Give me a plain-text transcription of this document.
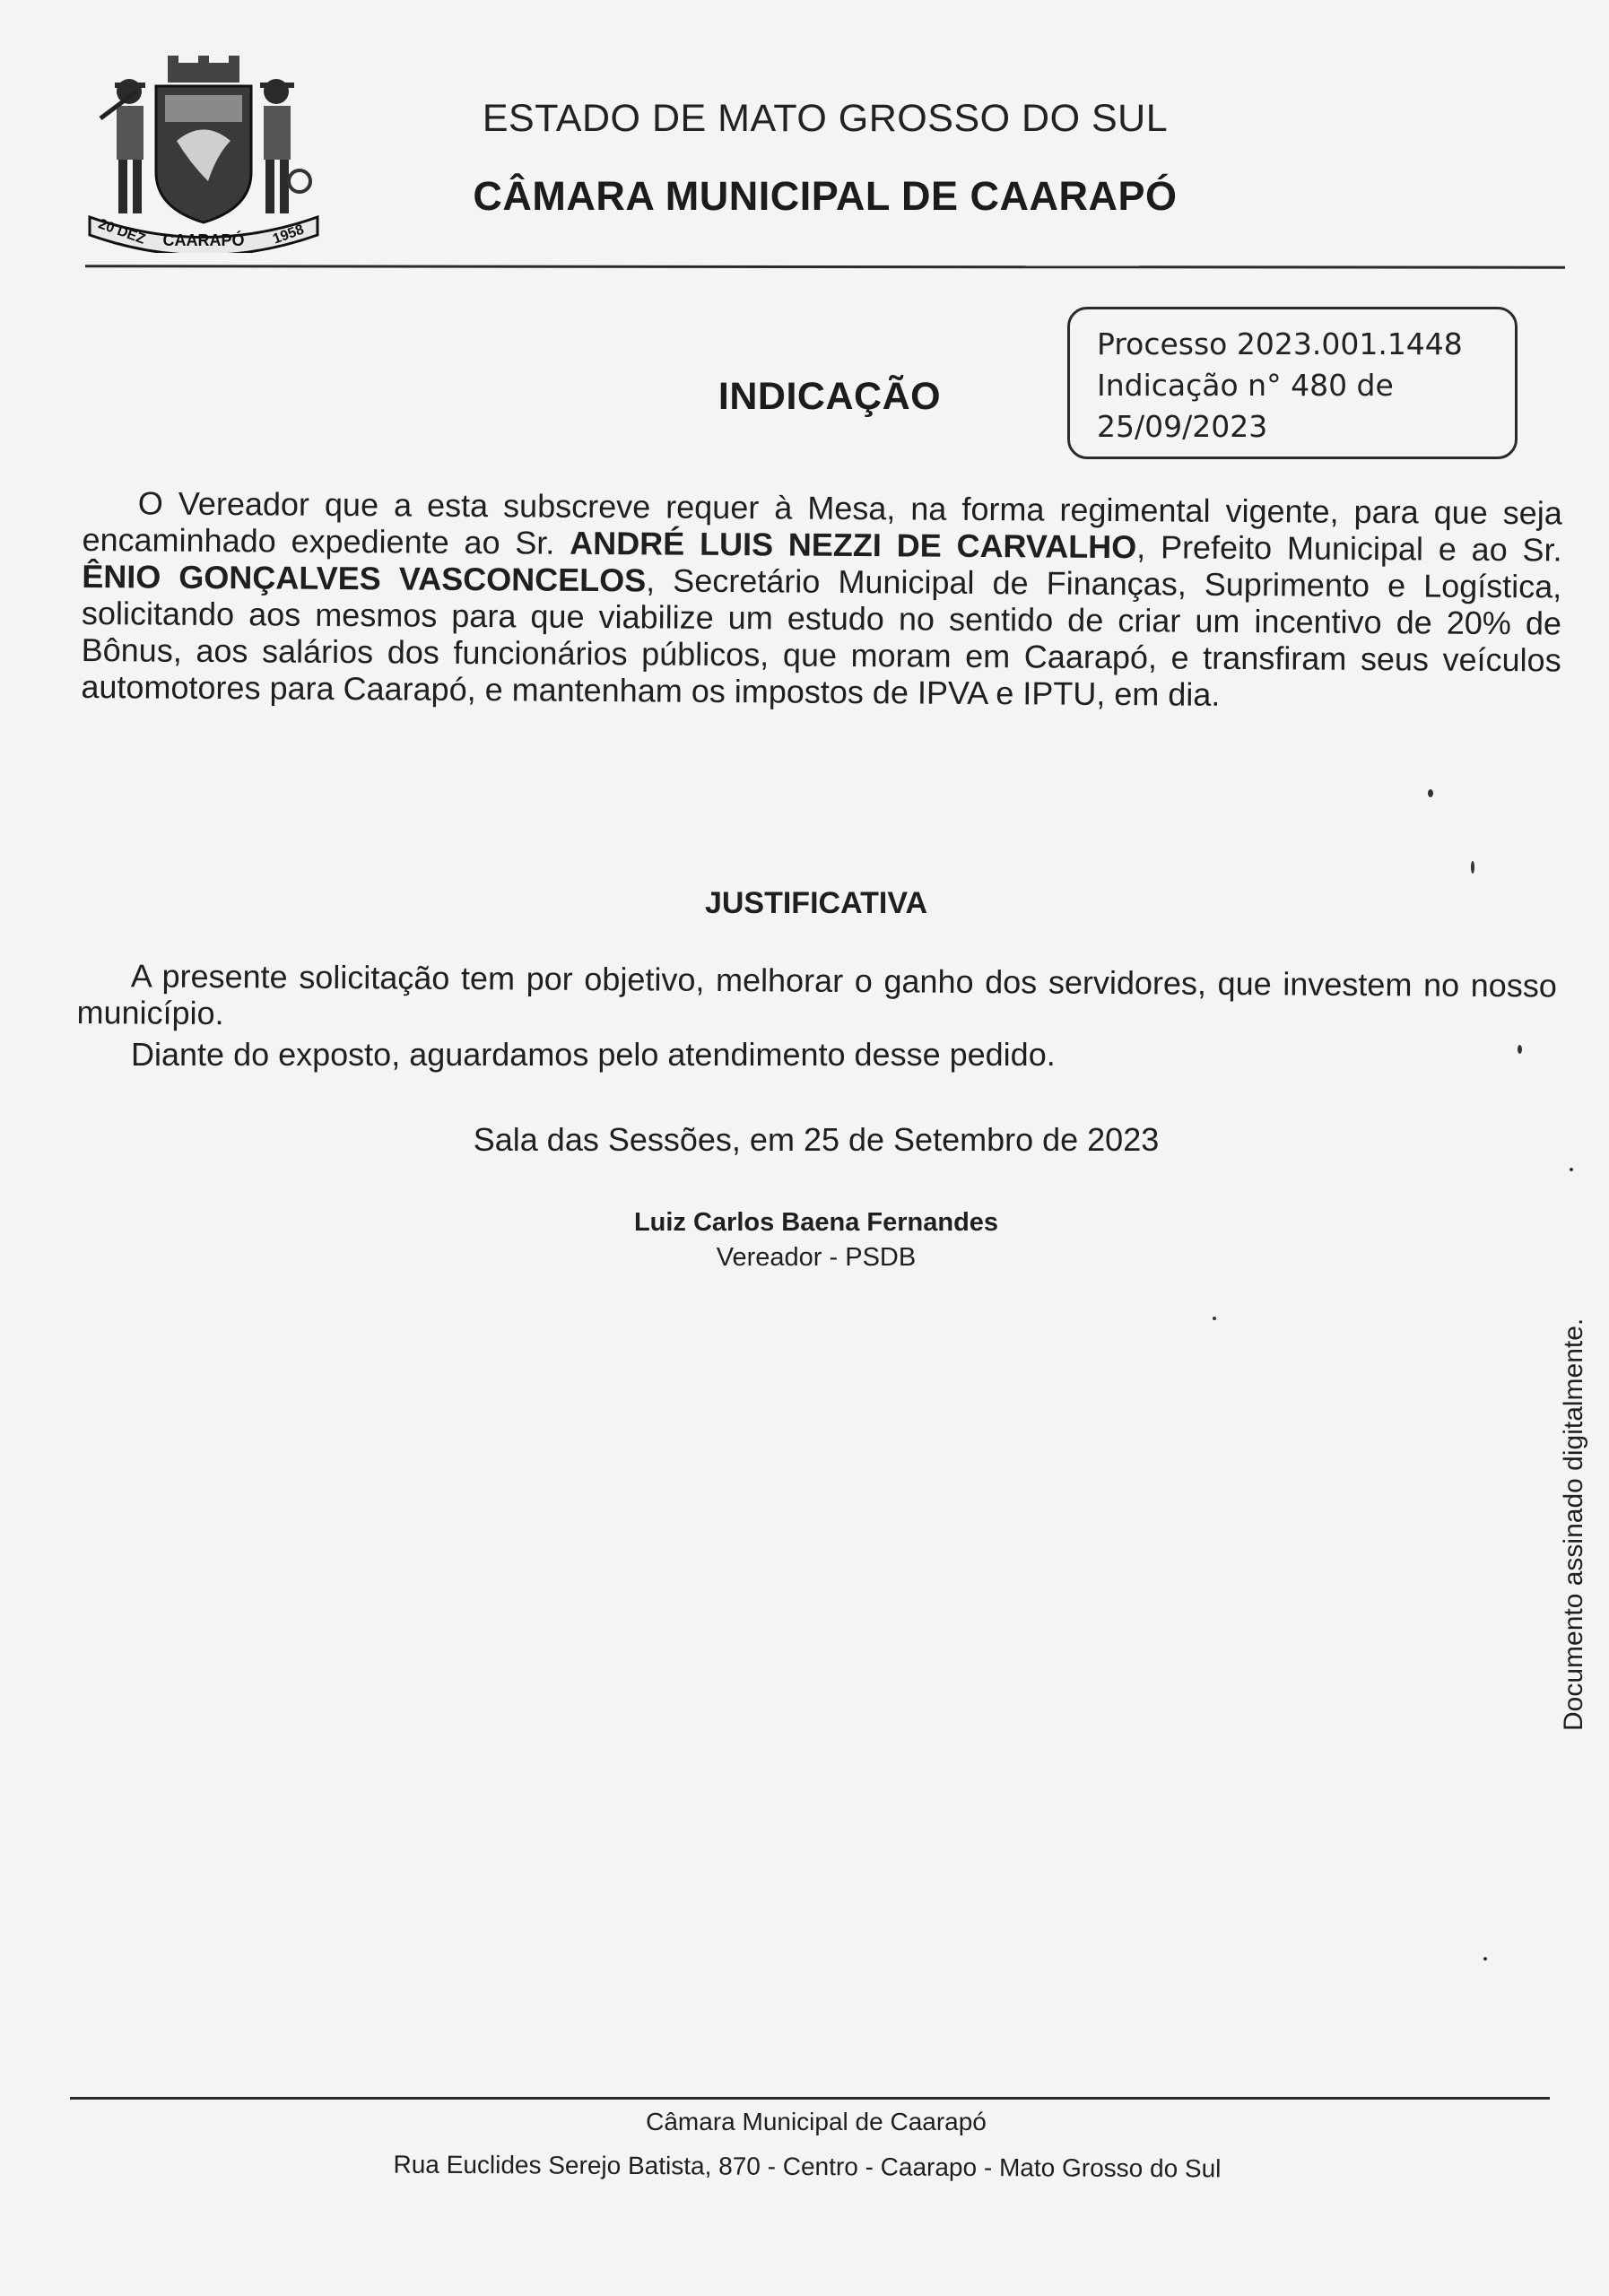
20 DEZ CAARAPÓ 1958
ESTADO DE MATO GROSSO DO SUL
CÂMARA MUNICIPAL DE CAARAPÓ
Processo 2023.001.1448
Indicação n° 480 de
25/09/2023
INDICAÇÃO
O Vereador que a esta subscreve requer à Mesa, na forma regimental vigente, para que seja encaminhado expediente ao Sr. ANDRÉ LUIS NEZZI DE CARVALHO, Prefeito Municipal e ao Sr. ÊNIO GONÇALVES VASCONCELOS, Secretário Municipal de Finanças, Suprimento e Logística, solicitando aos mesmos para que viabilize um estudo no sentido de criar um incentivo de 20% de Bônus, aos salários dos funcionários públicos, que moram em Caarapó, e transfiram seus veículos automotores para Caarapó, e mantenham os impostos de IPVA e IPTU, em dia.
JUSTIFICATIVA
A presente solicitação tem por objetivo, melhorar o ganho dos servidores, que investem no nosso município.
Diante do exposto, aguardamos pelo atendimento desse pedido.
Sala das Sessões, em 25 de Setembro de 2023
Luiz Carlos Baena Fernandes
Vereador - PSDB
Documento assinado digitalmente.
Câmara Municipal de Caarapó
Rua Euclides Serejo Batista, 870 - Centro - Caarapo - Mato Grosso do Sul
